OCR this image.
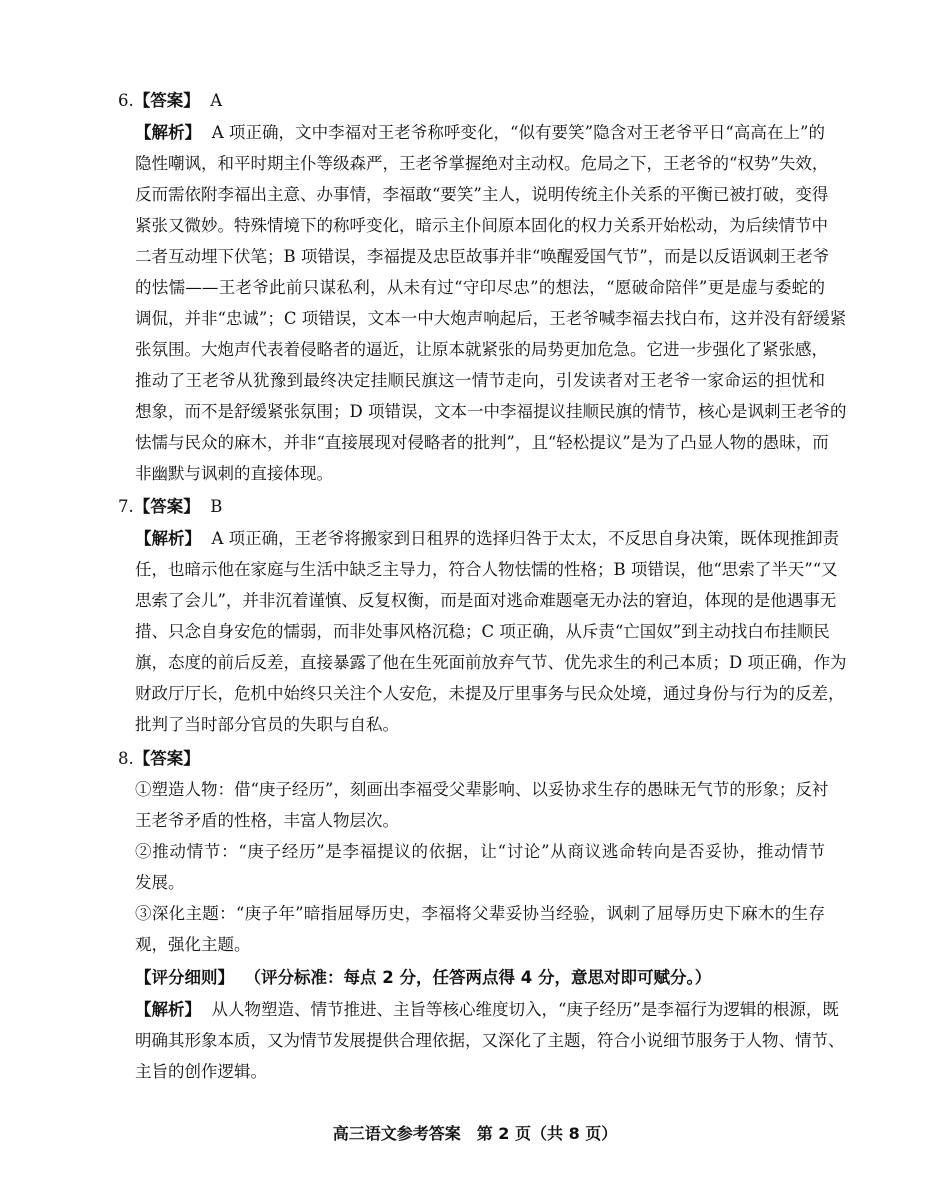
6.【答案】 A
【解析】 A 项正确，文中李福对王老爷称呼变化，“似有要笑”隐含对王老爷平日“高高在上”的
隐性嘲讽，和平时期主仆等级森严，王老爷掌握绝对主动权。危局之下，王老爷的“权势”失效，
反而需依附李福出主意、办事情，李福敢“要笑”主人，说明传统主仆关系的平衡已被打破，变得
紧张又微妙。特殊情境下的称呼变化，暗示主仆间原本固化的权力关系开始松动，为后续情节中
二者互动埋下伏笔；B 项错误，李福提及忠臣故事并非“唤醒爱国气节”，而是以反语讽刺王老爷
的怯懦——王老爷此前只谋私利，从未有过“守印尽忠”的想法，“愿破命陪伴”更是虚与委蛇的
调侃，并非“忠诚”；C 项错误，文本一中大炮声响起后，王老爷喊李福去找白布，这并没有舒缓紧
张氛围。大炮声代表着侵略者的逼近，让原本就紧张的局势更加危急。它进一步强化了紧张感，
推动了王老爷从犹豫到最终决定挂顺民旗这一情节走向，引发读者对王老爷一家命运的担忧和
想象，而不是舒缓紧张氛围；D 项错误，文本一中李福提议挂顺民旗的情节，核心是讽刺王老爷的
怯懦与民众的麻木，并非“直接展现对侵略者的批判”，且“轻松提议”是为了凸显人物的愚昧，而
非幽默与讽刺的直接体现。
7.【答案】 B
【解析】 A 项正确，王老爷将搬家到日租界的选择归咎于太太，不反思自身决策，既体现推卸责
任，也暗示他在家庭与生活中缺乏主导力，符合人物怯懦的性格；B 项错误，他“思索了半天”“又
思索了会儿”，并非沉着谨慎、反复权衡，而是面对逃命难题毫无办法的窘迫，体现的是他遇事无
措、只念自身安危的懦弱，而非处事风格沉稳；C 项正确，从斥责“亡国奴”到主动找白布挂顺民
旗，态度的前后反差，直接暴露了他在生死面前放弃气节、优先求生的利己本质；D 项正确，作为
财政厅厅长，危机中始终只关注个人安危，未提及厅里事务与民众处境，通过身份与行为的反差，
批判了当时部分官员的失职与自私。
8.【答案】
①塑造人物：借“庚子经历”，刻画出李福受父辈影响、以妥协求生存的愚昧无气节的形象；反衬
王老爷矛盾的性格，丰富人物层次。
②推动情节：“庚子经历”是李福提议的依据，让“讨论”从商议逃命转向是否妥协，推动情节
发展。
③深化主题：“庚子年”暗指屈辱历史，李福将父辈妥协当经验，讽刺了屈辱历史下麻木的生存
观，强化主题。
【评分细则】 （评分标准：每点 2 分，任答两点得 4 分，意思对即可赋分。）
【解析】 从人物塑造、情节推进、主旨等核心维度切入，“庚子经历”是李福行为逻辑的根源，既
明确其形象本质，又为情节发展提供合理依据，又深化了主题，符合小说细节服务于人物、情节、
主旨的创作逻辑。
高三语文参考答案　第 2 页（共 8 页）
